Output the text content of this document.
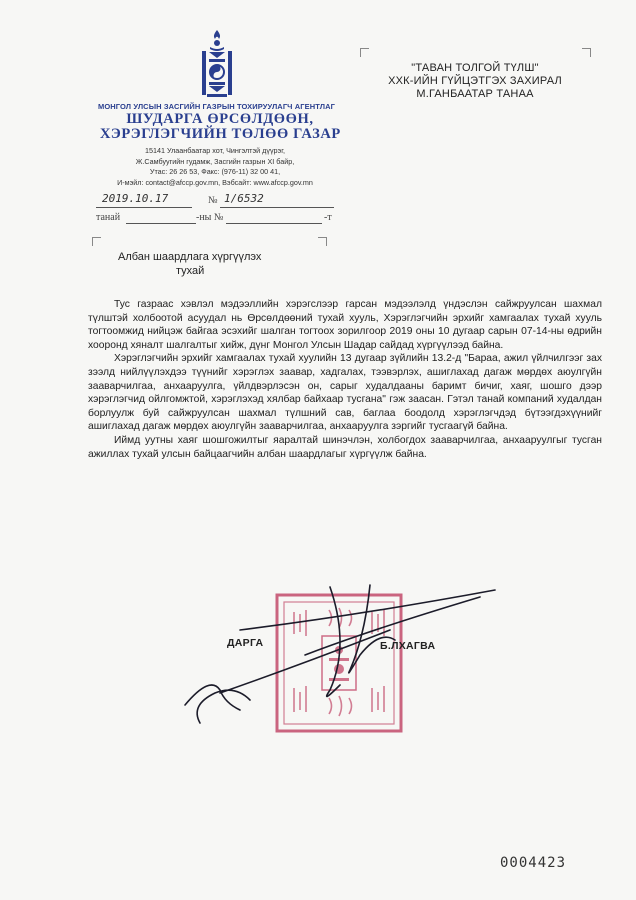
МОНГОЛ УЛСЫН ЗАСГИЙН ГАЗРЫН ТОХИРУУЛАГЧ АГЕНТЛАГ
ШУДАРГА ӨРСӨЛДӨӨН,
ХЭРЭГЛЭГЧИЙН ТӨЛӨӨ ГАЗАР
15141 Улаанбаатар хот, Чингэлтэй дүүрэг,
Ж.Самбуугийн гудамж, Засгийн газрын XI байр,
Утас: 26 26 53, Факс: (976-11) 32 00 41,
И-мэйл: contact@afccp.gov.mn, Вэбсайт: www.afccp.gov.mn
2019.10.17	№ 1/6532
танай	-ны №	-т
"ТАВАН ТОЛГОЙ ТҮЛШ"
ХХК-ИЙН ГҮЙЦЭТГЭХ ЗАХИРАЛ
М.ГАНБААТАР ТАНАА
Албан шаардлага хүргүүлэх
тухай

Тус газраас хэвлэл мэдээллийн хэрэгслээр гарсан мэдээлэлд үндэслэн сайжруулсан шахмал түлштэй холбоотой асуудал нь Өрсөлдөөний тухай хууль, Хэрэглэгчийн эрхийг хамгаалах тухай хууль тогтоомжид нийцэж байгаа эсэхийг шалган тогтоох зорилгоор 2019 оны 10 дугаар сарын 07-14-ны өдрийн хооронд хяналт шалгалтыг хийж, дүнг Монгол Улсын Шадар сайдад хүргүүлээд байна.

Хэрэглэгчийн эрхийг хамгаалах тухай хуулийн 13 дугаар зүйлийн 13.2-д "Бараа, ажил үйлчилгээг зах зээлд нийлүүлэхдээ түүнийг хэрэглэх заавар, хадгалах, тээвэрлэх, ашиглахад дагаж мөрдөх аюулгүйн зааварчилгаа, анхааруулга, үйлдвэрлэсэн он, сарыг худалдааны баримт бичиг, хаяг, шошго дээр хэрэглэгчид ойлгомжтой, хэрэглэхэд хялбар байхаар тусгана" гэж заасан. Гэтэл танай компаний худалдан борлуулж буй сайжруулсан шахмал түлшний сав, баглаа боодолд хэрэглэгчдэд бүтээгдэхүүнийг ашиглахад дагаж мөрдөх аюулгүйн зааварчилгаа, анхааруулга зэргийг тусгаагүй байна.

Иймд уутны хаяг шошгожилтыг яаралтай шинэчлэн, холбогдох зааварчилгаа, анхааруулгыг тусган ажиллах тухай улсын байцаагчийн албан шаардлагыг хүргүүлж байна.

ДАРГА	Б.ЛХАГВА
0004423
